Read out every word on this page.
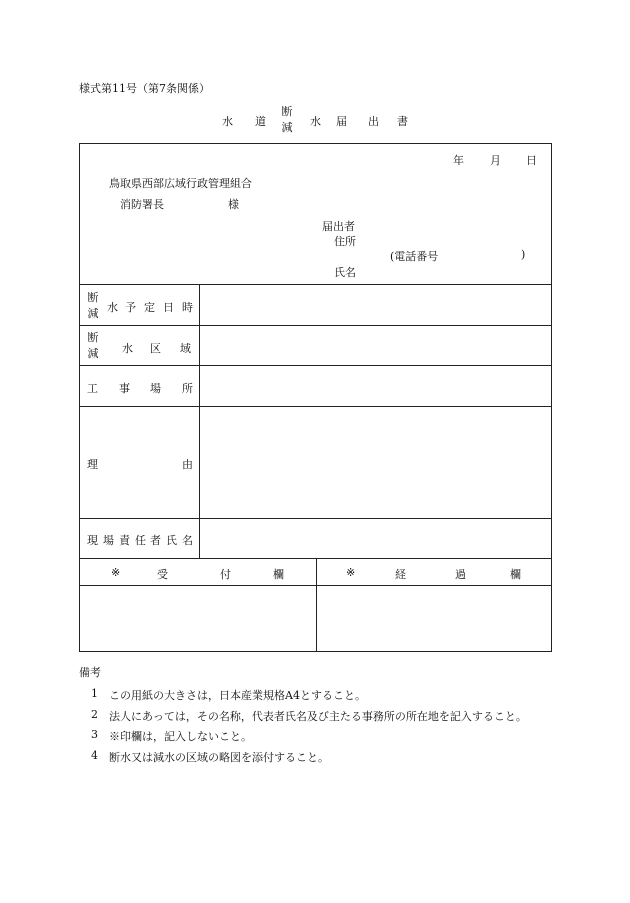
様式第11号（第7条関係）
水 道
断
減	水 届 出 書
年 月 日
鳥取県西部広域行政管理組合
消防署長	様
届出者
住所
(電話番号	)
氏名
断
減 水 予 定 日 時
断
減	水 区 域
工 事 場 所
理	由
現 場 責 任 者 氏 名
※	受	付	欄	※	経	過	欄
備考
1 この用紙の大きさは，日本産業規格A4とすること。
2 法人にあっては，その名称，代表者氏名及び主たる事務所の所在地を記入すること。
3 ※印欄は，記入しないこと。
4 断水又は減水の区域の略図を添付すること。
